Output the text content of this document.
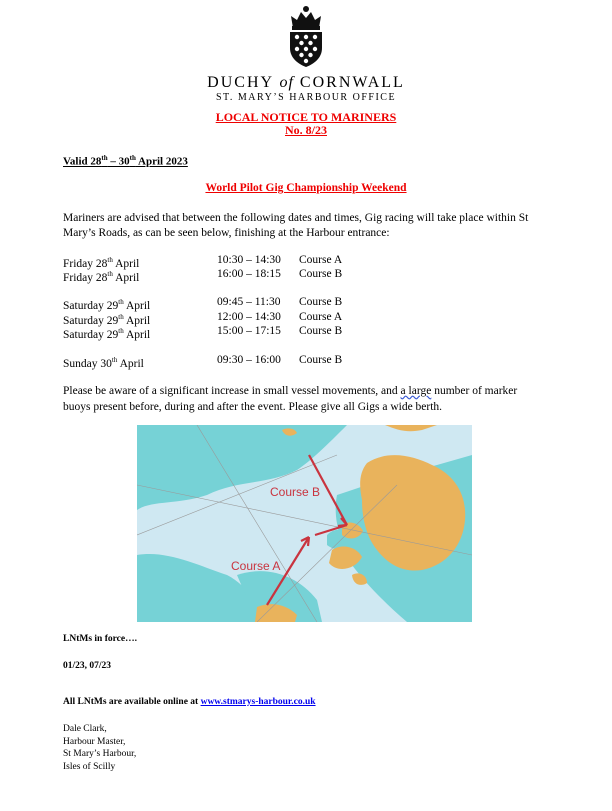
DUCHY of CORNWALL
ST. MARY’S HARBOUR OFFICE
LOCAL NOTICE TO MARINERS
No. 8/23
Valid 28th – 30th April 2023
World Pilot Gig Championship Weekend
Mariners are advised that between the following dates and times, Gig racing will take place within St Mary’s Roads, as can be seen below, finishing at the Harbour entrance:
Friday 28th April	10:30 – 14:30 Course A
Friday 28th April	16:00 – 18:15 Course B
Saturday 29th April	09:45 – 11:30 Course B
Saturday 29th April	12:00 – 14:30 Course A
Saturday 29th April	15:00 – 17:15 Course B
Sunday 30th April	09:30 – 16:00 Course B
Please be aware of a significant increase in small vessel movements, and a large number of marker buoys present before, during and after the event. Please give all Gigs a wide berth.
Course B
Course A
LNtMs in force….
01/23, 07/23
All LNtMs are available online at www.stmarys-harbour.co.uk
Dale Clark,
Harbour Master,
St Mary’s Harbour,
Isles of Scilly
